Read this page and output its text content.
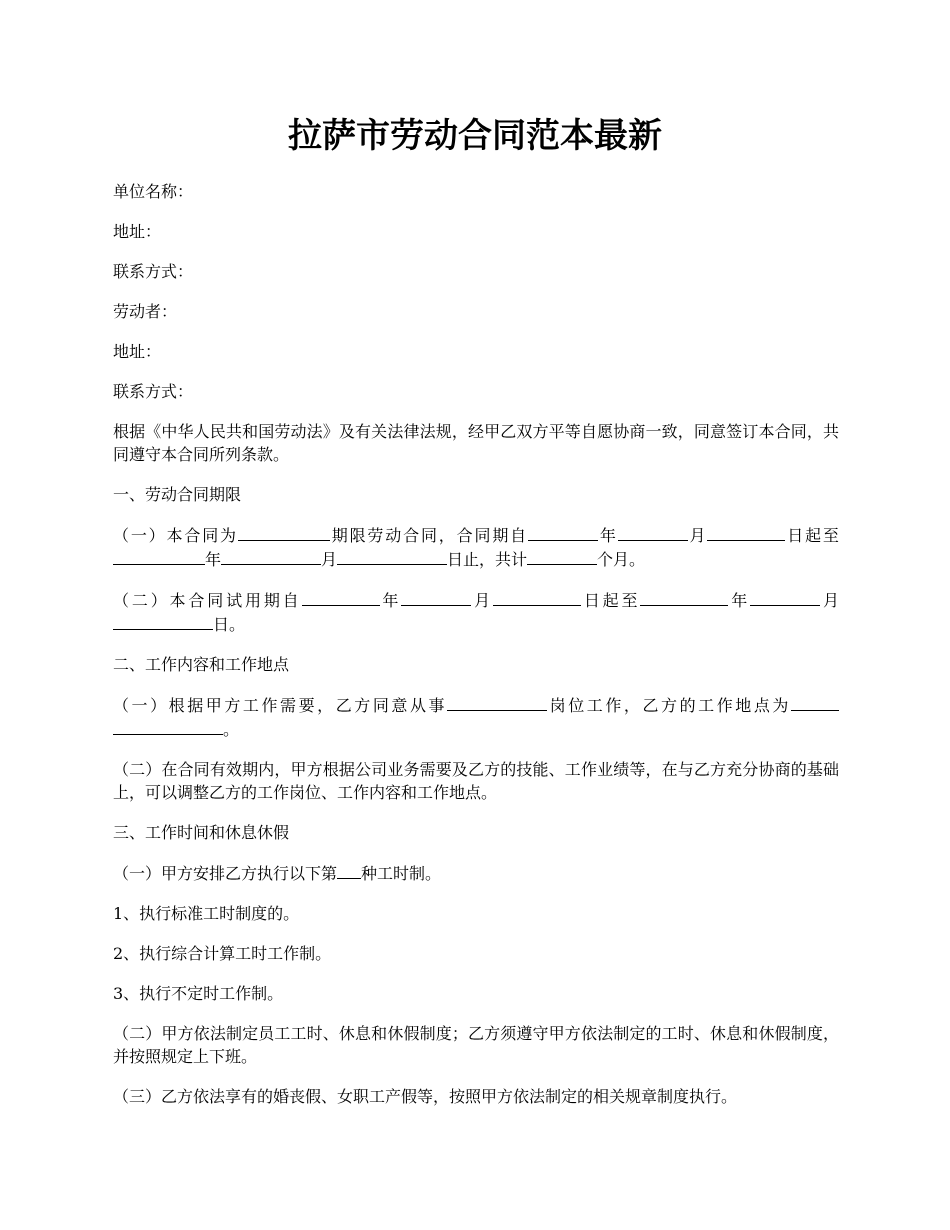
拉萨市劳动合同范本最新
单位名称：
地址：
联系方式：
劳动者：
地址：
联系方式：
根据《中华人民共和国劳动法》及有关法律法规，经甲乙双方平等自愿协商一致，同意签订本合同，共同遵守本合同所列条款。
一、劳动合同期限
（一）本合同为	期限劳动合同，合同期自	年	月	日起至年	月	日止，共计	个月。
（二）本合同试用期自	年	月	日起至	年	月日。
二、工作内容和工作地点
（一）根据甲方工作需要，乙方同意从事	岗位工作，乙方的工作地点为。
（二）在合同有效期内，甲方根据公司业务需要及乙方的技能、工作业绩等，在与乙方充分协商的基础上，可以调整乙方的工作岗位、工作内容和工作地点。
三、工作时间和休息休假
（一）甲方安排乙方执行以下第 种工时制。
1、执行标准工时制度的。
2、执行综合计算工时工作制。
3、执行不定时工作制。
（二）甲方依法制定员工工时、休息和休假制度；乙方须遵守甲方依法制定的工时、休息和休假制度，并按照规定上下班。
（三）乙方依法享有的婚丧假、女职工产假等，按照甲方依法制定的相关规章制度执行。
